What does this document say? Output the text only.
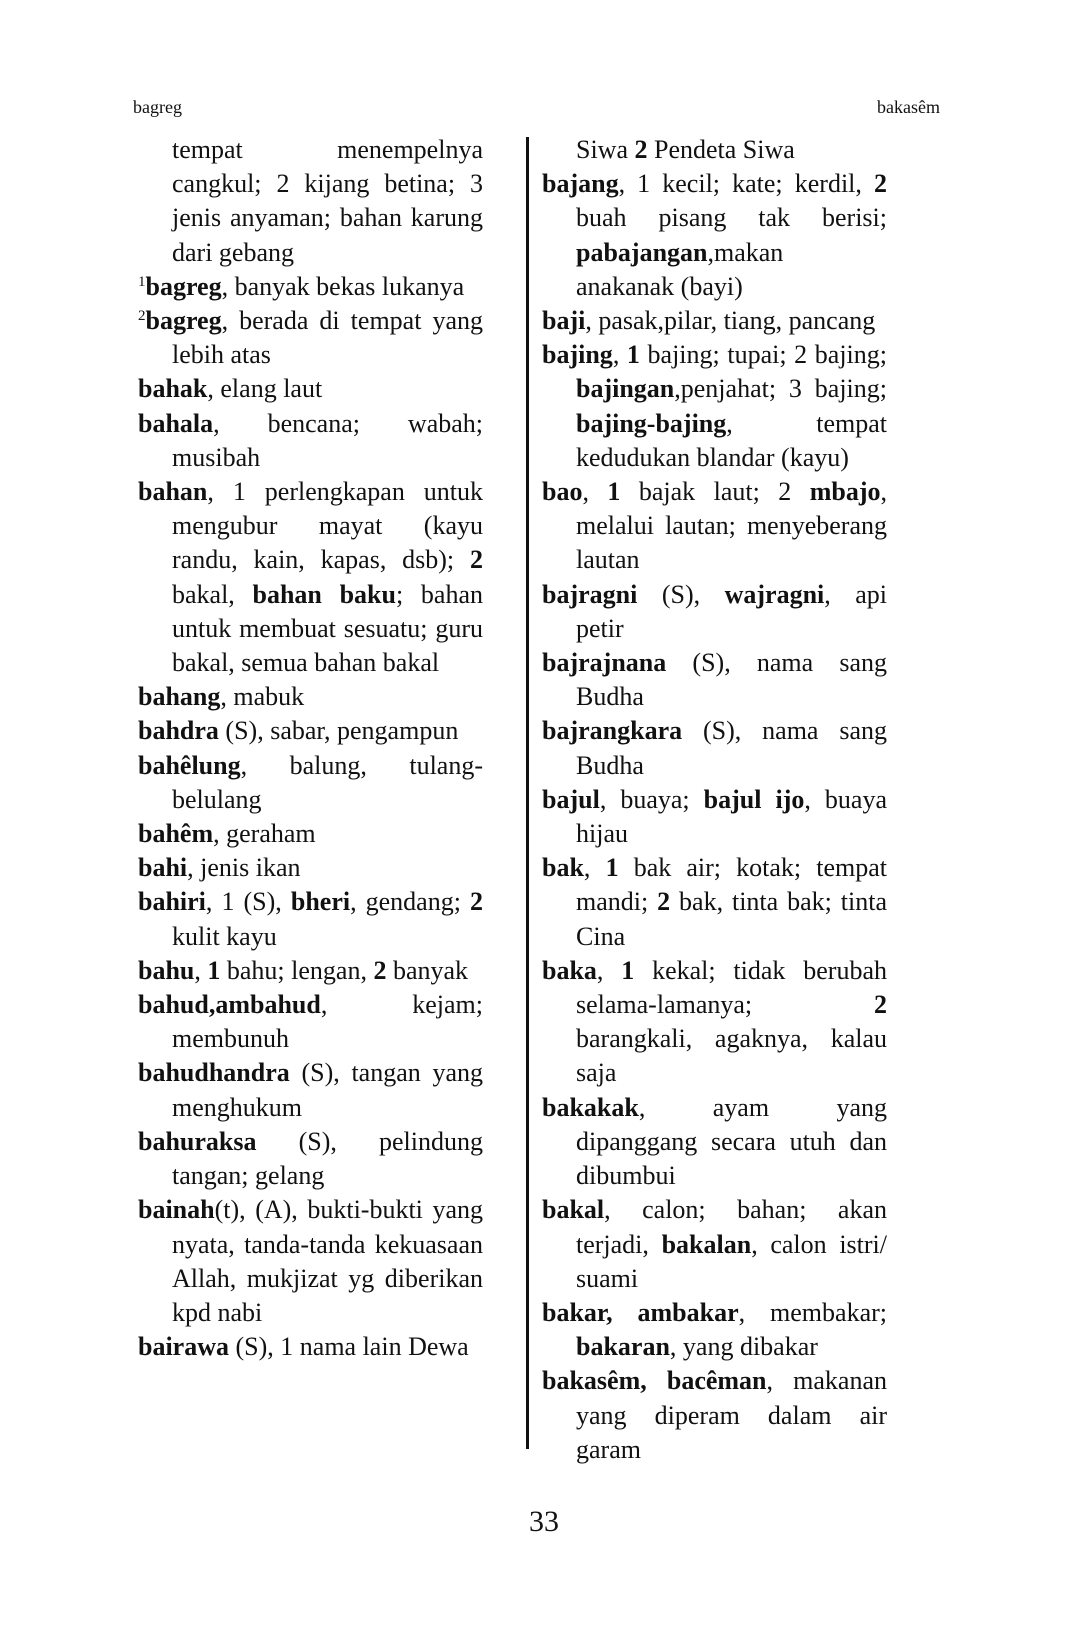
bagreg	bakasêm

tempat menempelnya cangkul; 2 kijang betina; 3 jenis anyaman; bahan karung dari gebang

$^1$bagreg, banyak bekas lukanya

$^2$bagreg, berada di tempat yang lebih atas

bahak, elang laut

bahala, bencana; wabah; musibah

bahan, 1 perlengkapan untuk mengubur mayat (kayu randu, kain, kapas, dsb); 2 bakal, bahan baku; bahan untuk membuat sesuatu; guru bakal, semua bahan bakal

bahang, mabuk

bahdra (S), sabar, pengampun

bahêlung, balung, tulang-belulang

bahêm, geraham

bahi, jenis ikan

bahiri, 1 (S), bheri, gendang; 2 kulit kayu

bahu, 1 bahu; lengan, 2 banyak

bahud,ambahud, kejam; membunuh

bahudhandra (S), tangan yang menghukum

bahuraksa (S), pelindung tangan; gelang

bainah(t), (A), bukti-bukti yang nyata, tanda-tanda kekuasaan Allah, mukjizat yg diberikan kpd nabi

bairawa (S), 1 nama lain Dewa

Siwa 2 Pendeta Siwa

bajang, 1 kecil; kate; kerdil, 2 buah pisang tak berisi; pabajangan,makan anakanak (bayi)

baji, pasak,pilar, tiang, pancang

bajing, 1 bajing; tupai; 2 bajing; bajingan,penjahat; 3 bajing; bajing-bajing, tempat kedudukan blandar (kayu)

bao, 1 bajak laut; 2 mbajo, melalui lautan; menyeberang lautan

bajragni (S), wajragni, api petir

bajrajnana (S), nama sang Budha

bajrangkara (S), nama sang Budha

bajul, buaya; bajul ijo, buaya hijau

bak, 1 bak air; kotak; tempat mandi; 2 bak, tinta bak; tinta Cina

baka, 1 kekal; tidak berubah selama-lamanya; 2 barangkali, agaknya, kalau saja

bakakak, ayam yang dipanggang secara utuh dan dibumbui

bakal, calon; bahan; akan terjadi, bakalan, calon istri/ suami

bakar, ambakar, membakar; bakaran, yang dibakar

bakasêm, bacêman, makanan yang diperam dalam air garam

33
